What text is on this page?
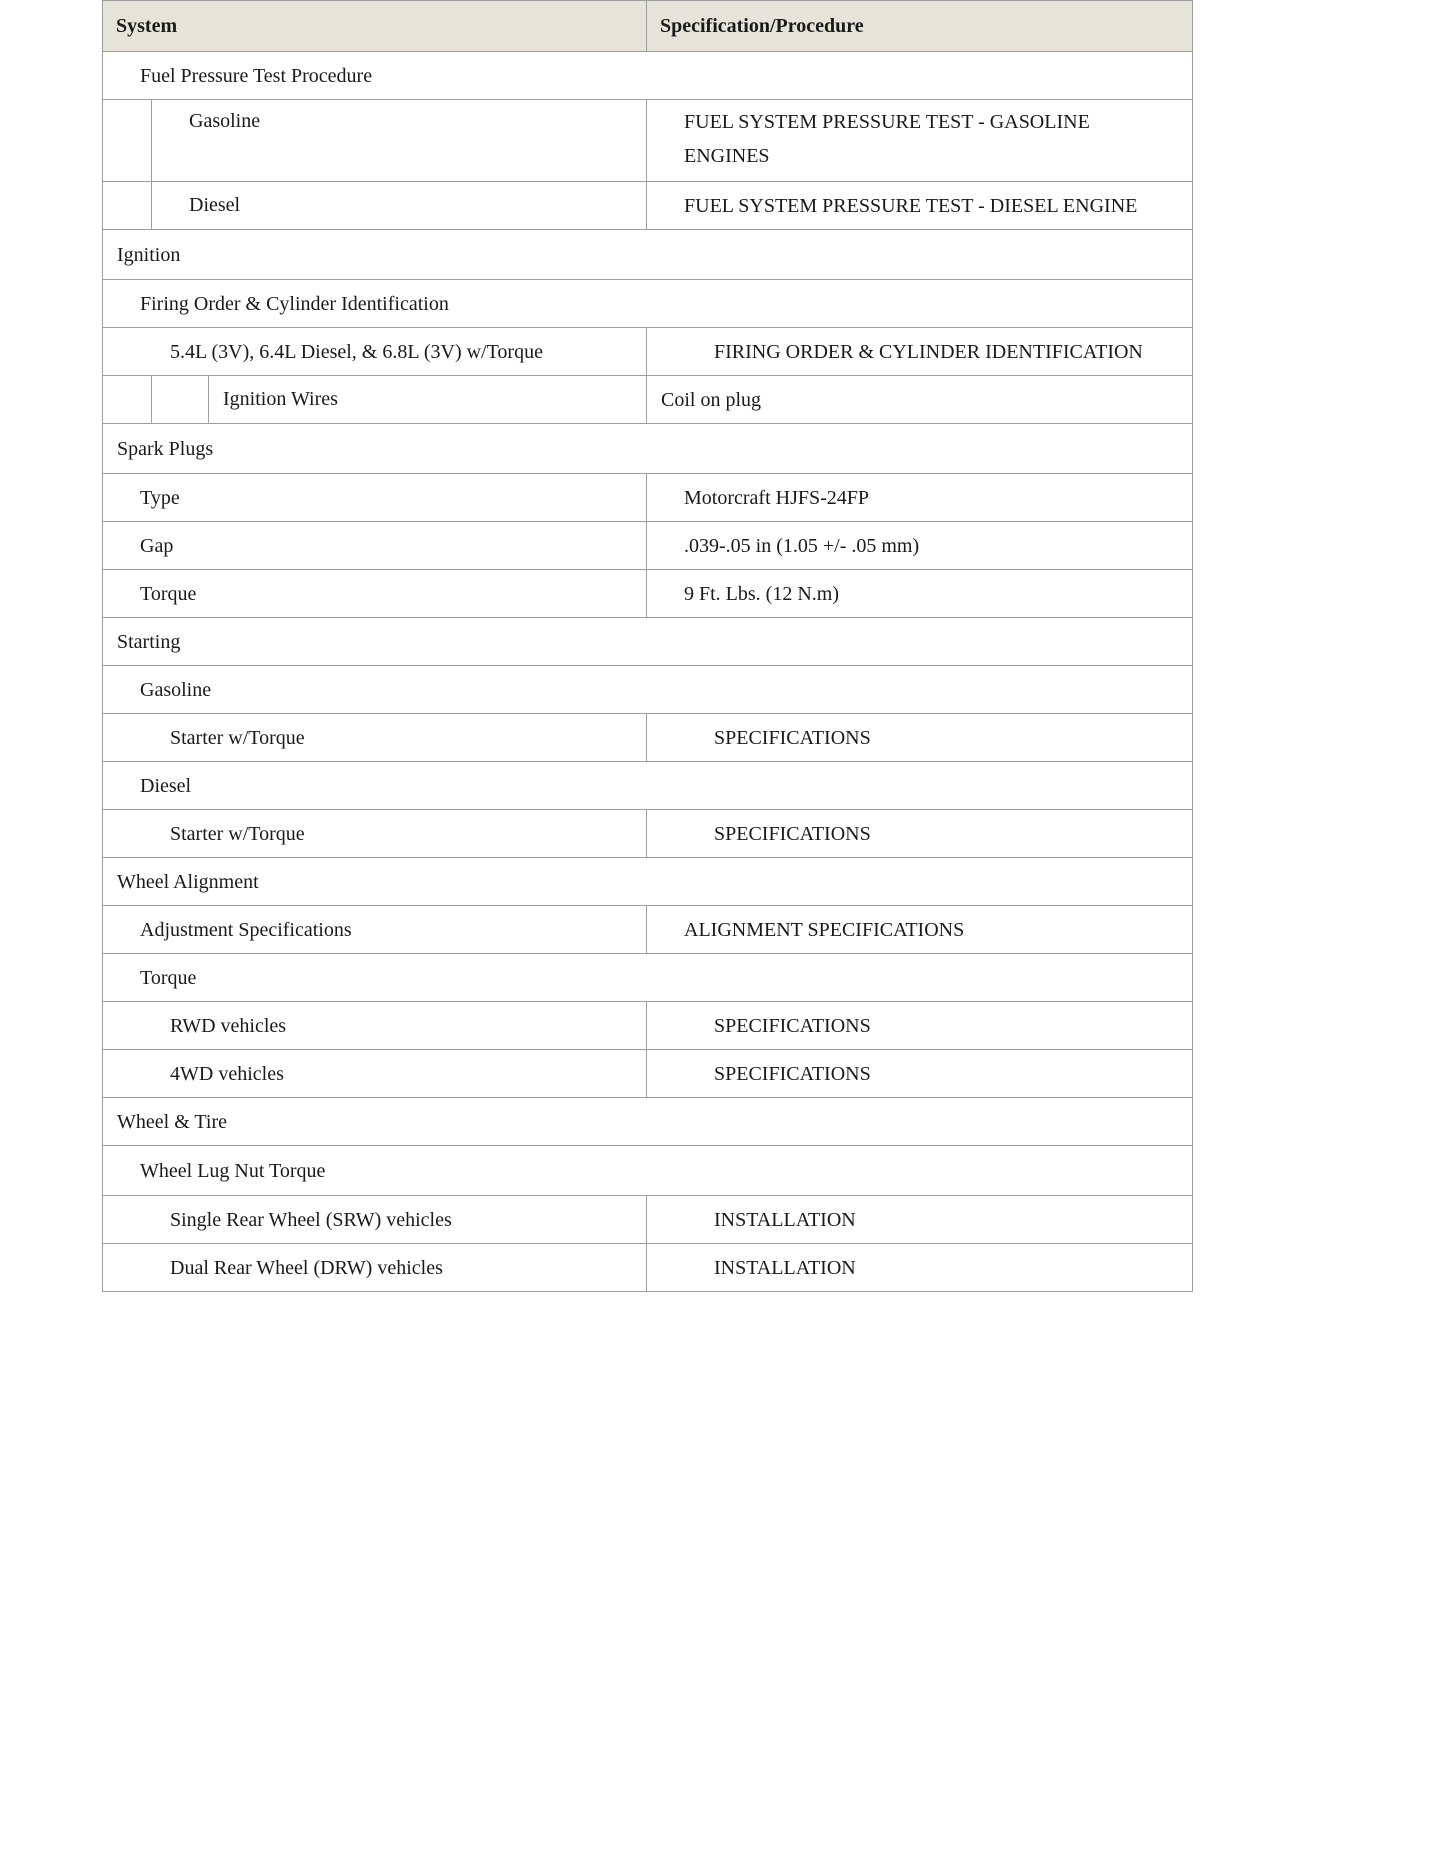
System	Specification/Procedure

Fuel Pressure Test Procedure	

Gasoline	FUEL SYSTEM PRESSURE TEST - GASOLINE ENGINES

Diesel	FUEL SYSTEM PRESSURE TEST - DIESEL ENGINE

Ignition	

Firing Order & Cylinder Identification	

5.4L (3V), 6.4L Diesel, & 6.8L (3V) w/Torque	FIRING ORDER & CYLINDER IDENTIFICATION

Ignition Wires	Coil on plug

Spark Plugs	

Type	Motorcraft HJFS-24FP

Gap	.039-.05 in (1.05 +/- .05 mm)

Torque	9 Ft. Lbs. (12 N.m)

Starting	

Gasoline	

Starter w/Torque	SPECIFICATIONS

Diesel	

Starter w/Torque	SPECIFICATIONS

Wheel Alignment	

Adjustment Specifications	ALIGNMENT SPECIFICATIONS

Torque	

RWD vehicles	SPECIFICATIONS

4WD vehicles	SPECIFICATIONS

Wheel & Tire	

Wheel Lug Nut Torque	

Single Rear Wheel (SRW) vehicles	INSTALLATION

Dual Rear Wheel (DRW) vehicles	INSTALLATION
